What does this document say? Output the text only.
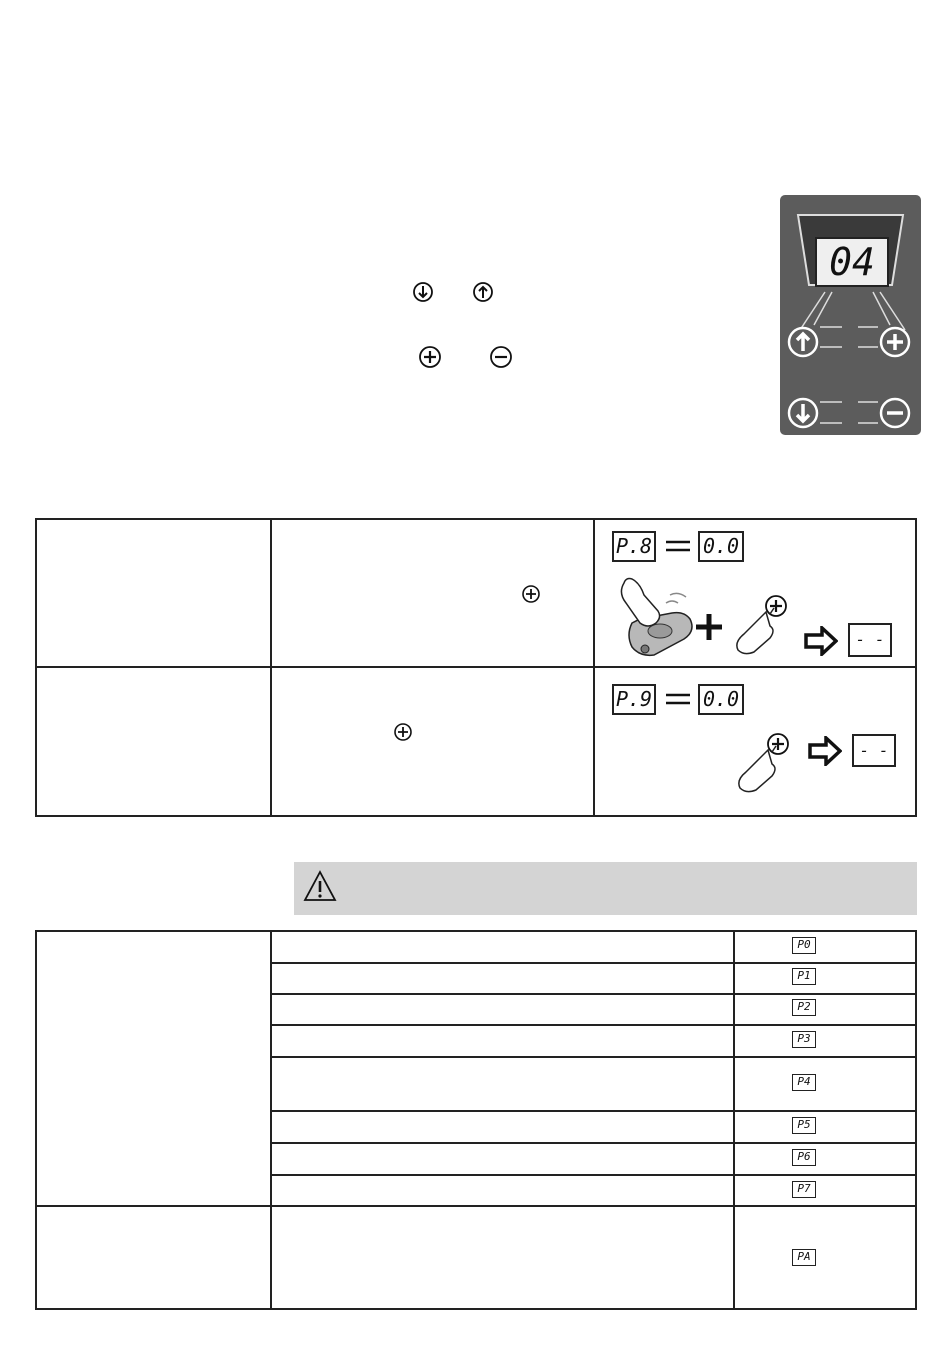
04
P.8	0.0
- -
P.9	0.0
- -
P0
P1
P2
P3
P4
P5
P6
P7
PA
